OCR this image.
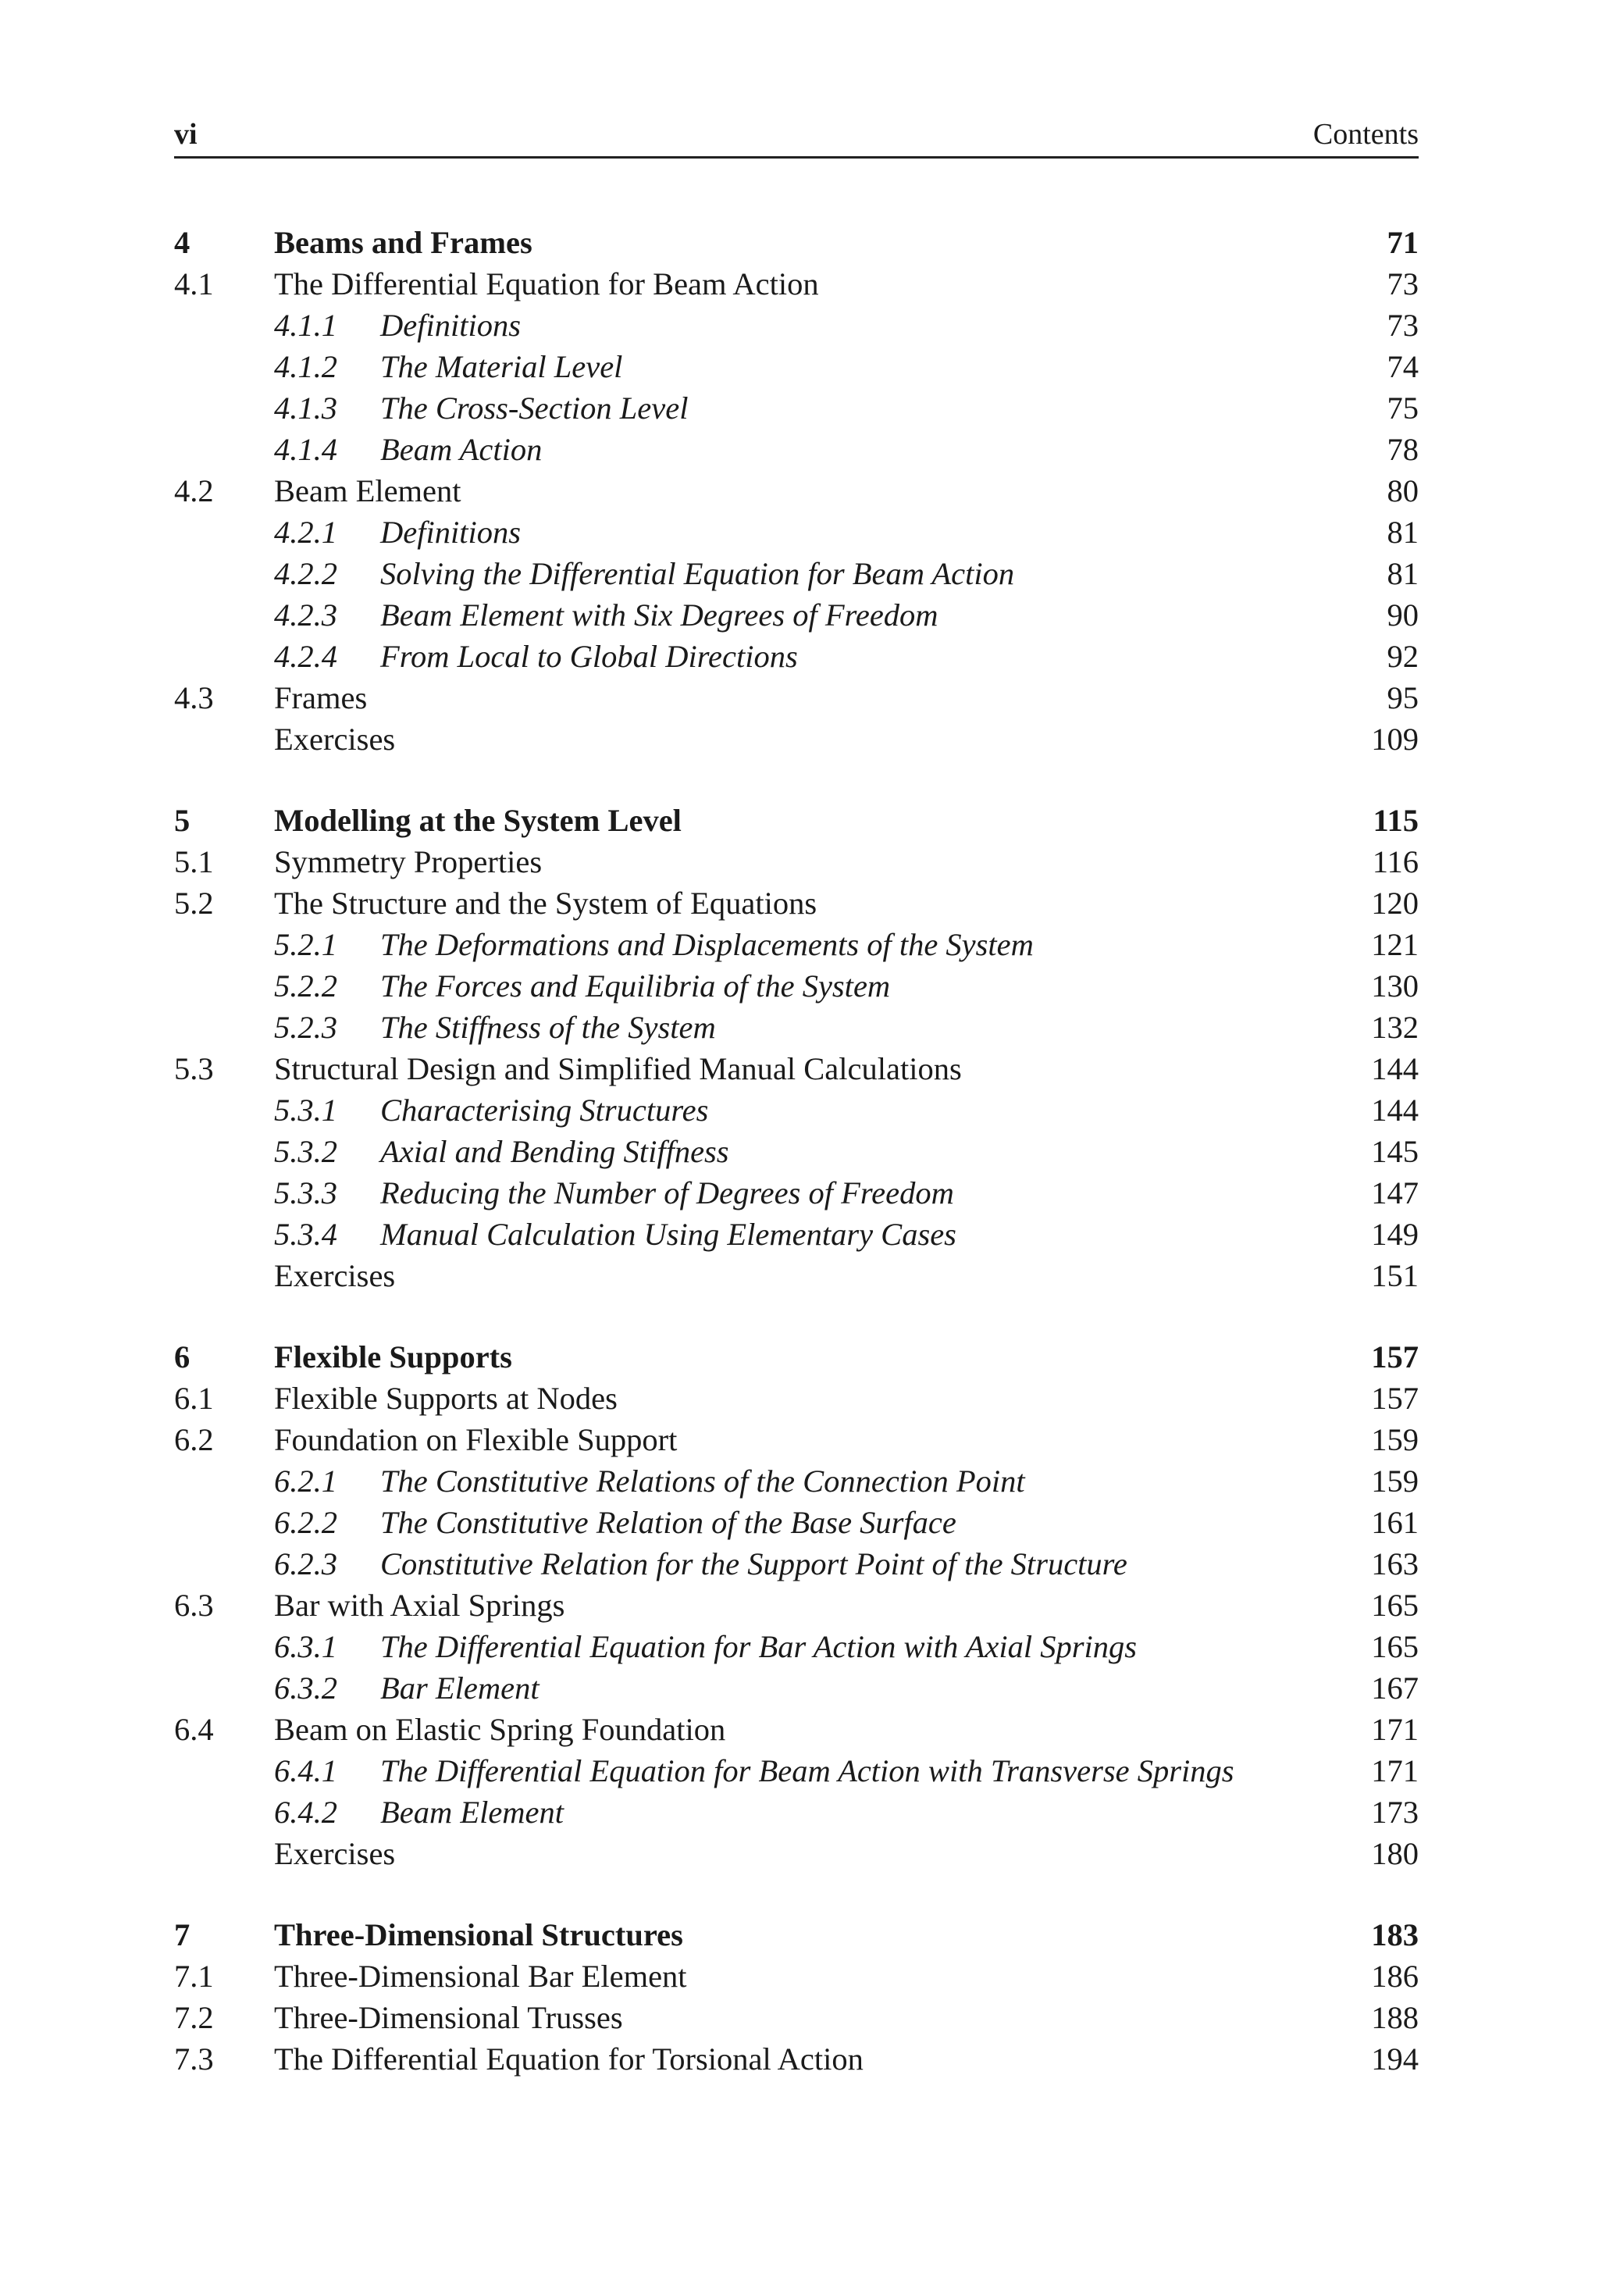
vi	Contents
4	Beams and Frames	71
4.1 The Differential Equation for Beam Action	73
4.1.1 Definitions	73
4.1.2 The Material Level	74
4.1.3 The Cross-Section Level	75
4.1.4 Beam Action	78
4.2 Beam Element	80
4.2.1 Definitions	81
4.2.2 Solving the Differential Equation for Beam Action	81
4.2.3 Beam Element with Six Degrees of Freedom	90
4.2.4 From Local to Global Directions	92
4.3 Frames	95
Exercises	109
5	Modelling at the System Level	115
5.1 Symmetry Properties	116
5.2 The Structure and the System of Equations	120
5.2.1 The Deformations and Displacements of the System	121
5.2.2 The Forces and Equilibria of the System	130
5.2.3 The Stiffness of the System	132
5.3 Structural Design and Simplified Manual Calculations	144
5.3.1 Characterising Structures	144
5.3.2 Axial and Bending Stiffness	145
5.3.3 Reducing the Number of Degrees of Freedom	147
5.3.4 Manual Calculation Using Elementary Cases	149
Exercises	151
6	Flexible Supports	157
6.1 Flexible Supports at Nodes	157
6.2 Foundation on Flexible Support	159
6.2.1 The Constitutive Relations of the Connection Point	159
6.2.2 The Constitutive Relation of the Base Surface	161
6.2.3 Constitutive Relation for the Support Point of the Structure	163
6.3 Bar with Axial Springs	165
6.3.1 The Differential Equation for Bar Action with Axial Springs	165
6.3.2 Bar Element	167
6.4 Beam on Elastic Spring Foundation	171
6.4.1 The Differential Equation for Beam Action with Transverse Springs	171
6.4.2 Beam Element	173
Exercises	180
7	Three-Dimensional Structures	183
7.1 Three-Dimensional Bar Element	186
7.2 Three-Dimensional Trusses	188
7.3 The Differential Equation for Torsional Action	194
